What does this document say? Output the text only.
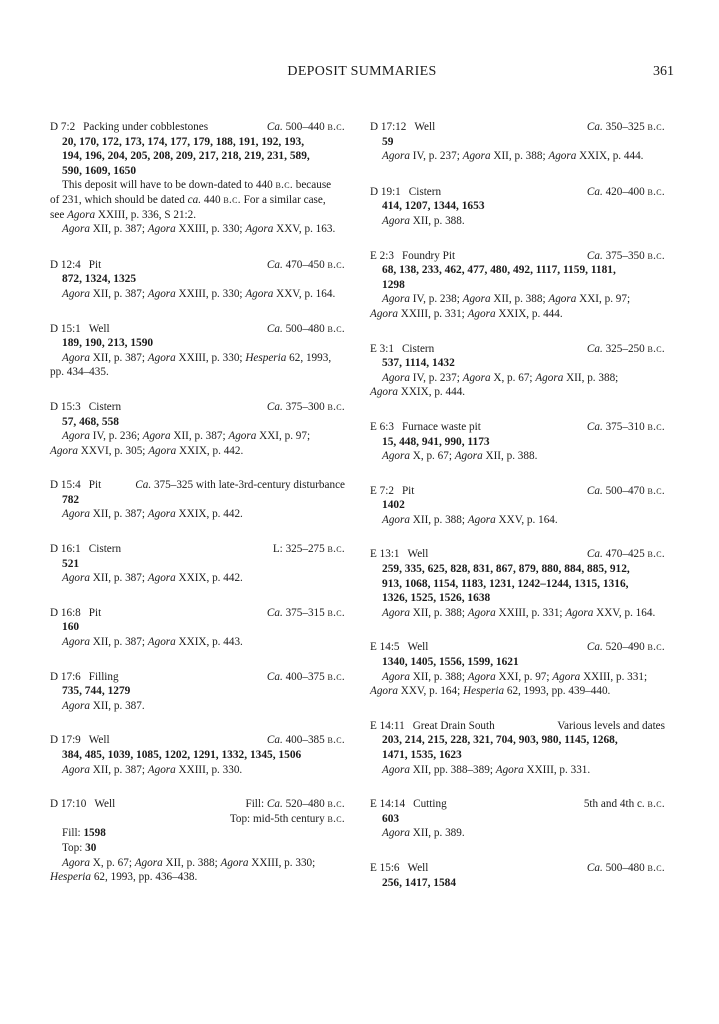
DEPOSIT SUMMARIES	361
D 7:2 Packing under cobblestones	Ca. 500–440 b.c.
20, 170, 172, 173, 174, 177, 179, 188, 191, 192, 193,
194, 196, 204, 205, 208, 209, 217, 218, 219, 231, 589,
590, 1609, 1650
This deposit will have to be down-dated to 440 b.c. because
of 231, which should be dated ca. 440 b.c. For a similar case,
see Agora XXIII, p. 336, S 21:2.
Agora XII, p. 387; Agora XXIII, p. 330; Agora XXV, p. 163.
D 12:4 Pit	Ca. 470–450 b.c.
872, 1324, 1325
Agora XII, p. 387; Agora XXIII, p. 330; Agora XXV, p. 164.
D 15:1 Well	Ca. 500–480 b.c.
189, 190, 213, 1590
Agora XII, p. 387; Agora XXIII, p. 330; Hesperia 62, 1993,
pp. 434–435.
D 15:3 Cistern	Ca. 375–300 b.c.
57, 468, 558
Agora IV, p. 236; Agora XII, p. 387; Agora XXI, p. 97;
Agora XXVI, p. 305; Agora XXIX, p. 442.
D 15:4 Pit	Ca. 375–325 with late-3rd-century disturbance
782
Agora XII, p. 387; Agora XXIX, p. 442.
D 16:1 Cistern	L: 325–275 b.c.
521
Agora XII, p. 387; Agora XXIX, p. 442.
D 16:8 Pit	Ca. 375–315 b.c.
160
Agora XII, p. 387; Agora XXIX, p. 443.
D 17:6 Filling	Ca. 400–375 b.c.
735, 744, 1279
Agora XII, p. 387.
D 17:9 Well	Ca. 400–385 b.c.
384, 485, 1039, 1085, 1202, 1291, 1332, 1345, 1506
Agora XII, p. 387; Agora XXIII, p. 330.
D 17:10 Well	Fill: Ca. 520–480 b.c.
Top: mid-5th century b.c.
Fill: 1598
Top: 30
Agora X, p. 67; Agora XII, p. 388; Agora XXIII, p. 330;
Hesperia 62, 1993, pp. 436–438.
D 17:12 Well	Ca. 350–325 b.c.
59
Agora IV, p. 237; Agora XII, p. 388; Agora XXIX, p. 444.
D 19:1 Cistern	Ca. 420–400 b.c.
414, 1207, 1344, 1653
Agora XII, p. 388.
E 2:3 Foundry Pit	Ca. 375–350 b.c.
68, 138, 233, 462, 477, 480, 492, 1117, 1159, 1181,
1298
Agora IV, p. 238; Agora XII, p. 388; Agora XXI, p. 97;
Agora XXIII, p. 331; Agora XXIX, p. 444.
E 3:1 Cistern	Ca. 325–250 b.c.
537, 1114, 1432
Agora IV, p. 237; Agora X, p. 67; Agora XII, p. 388;
Agora XXIX, p. 444.
E 6:3 Furnace waste pit	Ca. 375–310 b.c.
15, 448, 941, 990, 1173
Agora X, p. 67; Agora XII, p. 388.
E 7:2 Pit	Ca. 500–470 b.c.
1402
Agora XII, p. 388; Agora XXV, p. 164.
E 13:1 Well	Ca. 470–425 b.c.
259, 335, 625, 828, 831, 867, 879, 880, 884, 885, 912,
913, 1068, 1154, 1183, 1231, 1242–1244, 1315, 1316,
1326, 1525, 1526, 1638
Agora XII, p. 388; Agora XXIII, p. 331; Agora XXV, p. 164.
E 14:5 Well	Ca. 520–490 b.c.
1340, 1405, 1556, 1599, 1621
Agora XII, p. 388; Agora XXI, p. 97; Agora XXIII, p. 331;
Agora XXV, p. 164; Hesperia 62, 1993, pp. 439–440.
E 14:11 Great Drain South	Various levels and dates
203, 214, 215, 228, 321, 704, 903, 980, 1145, 1268,
1471, 1535, 1623
Agora XII, pp. 388–389; Agora XXIII, p. 331.
E 14:14 Cutting	5th and 4th c. b.c.
603
Agora XII, p. 389.
E 15:6 Well	Ca. 500–480 b.c.
256, 1417, 1584
